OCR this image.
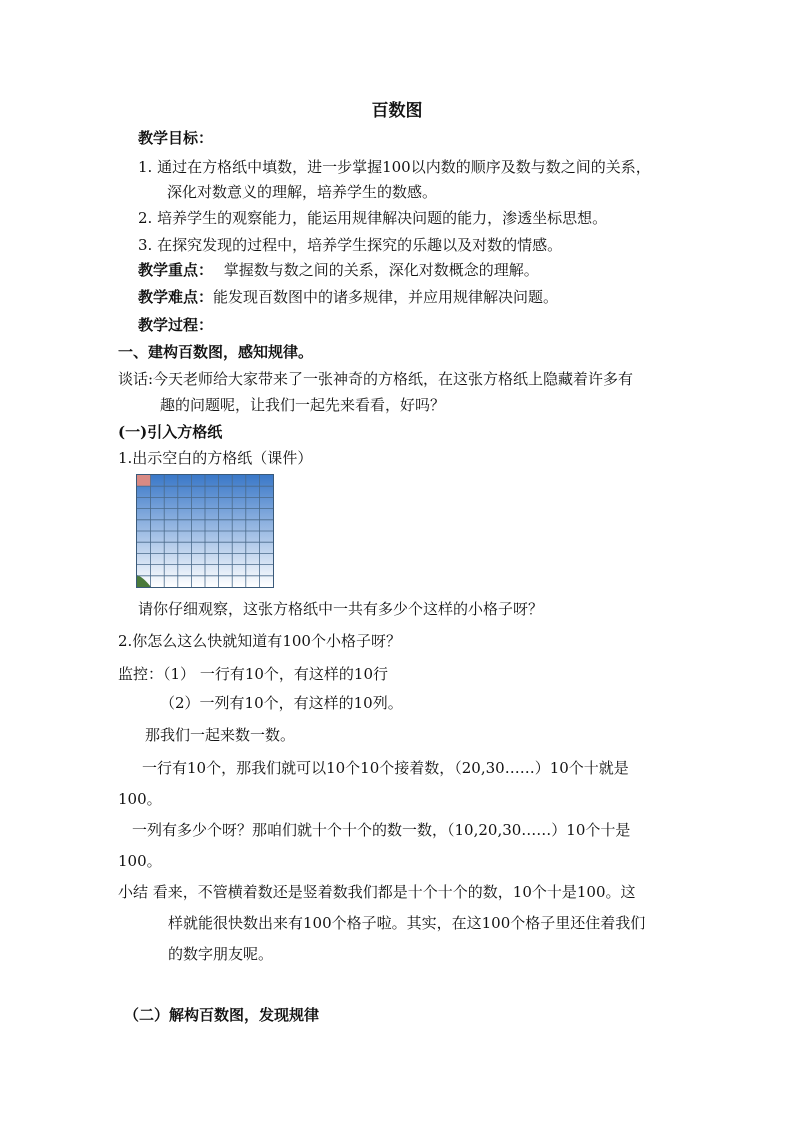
百数图
教学目标：
1. 通过在方格纸中填数，进一步掌握100以内数的顺序及数与数之间的关系，
深化对数意义的理解，培养学生的数感。
2. 培养学生的观察能力，能运用规律解决问题的能力，渗透坐标思想。
3. 在探究发现的过程中，培养学生探究的乐趣以及对数的情感。
教学重点： 掌握数与数之间的关系，深化对数概念的理解。
教学难点：能发现百数图中的诸多规律，并应用规律解决问题。
教学过程：
一、建构百数图，感知规律。
谈话:今天老师给大家带来了一张神奇的方格纸，在这张方格纸上隐藏着许多有
趣的问题呢，让我们一起先来看看，好吗？
(一)引入方格纸
1.出示空白的方格纸（课件）
请你仔细观察，这张方格纸中一共有多少个这样的小格子呀？
2.你怎么这么快就知道有100个小格子呀？
监控：（1） 一行有10个，有这样的10行
（2）一列有10个，有这样的10列。
那我们一起来数一数。
一行有10个，那我们就可以10个10个接着数，（20,30……）10个十就是
100。
一列有多少个呀？那咱们就十个十个的数一数，（10,20,30……）10个十是
100。
小结 看来，不管横着数还是竖着数我们都是十个十个的数，10个十是100。这
样就能很快数出来有100个格子啦。其实，在这100个格子里还住着我们
的数字朋友呢。
（二）解构百数图，发现规律
